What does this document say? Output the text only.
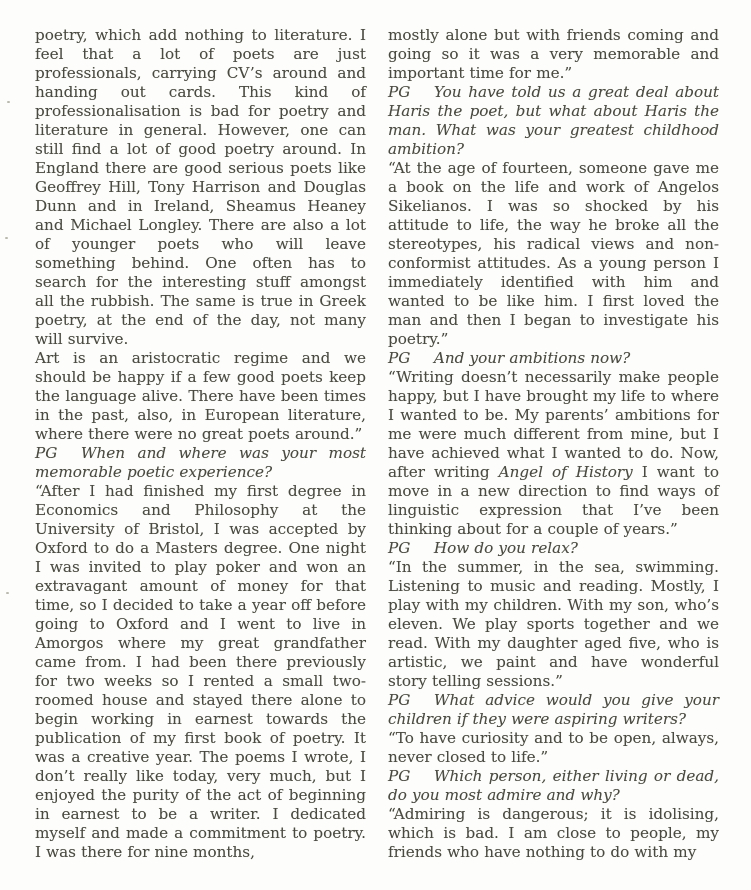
poetry, which add nothing to literature. I feel that a lot of poets are just professionals, carrying CV’s around and handing out cards. This kind of professionalisation is bad for poetry and literature in general. However, one can still find a lot of good poetry around. In England there are good serious poets like Geoffrey Hill, Tony Harrison and Douglas Dunn and in Ireland, Sheamus Heaney and Michael Longley. There are also a lot of younger poets who will leave something behind. One often has to search for the interesting stuff amongst all the rubbish. The same is true in Greek poetry, at the end of the day, not many will survive.

Art is an aristocratic regime and we should be happy if a few good poets keep the language alive. There have been times in the past, also, in European literature, where there were no great poets around.”

PG When and where was your most memorable poetic experience?

“After I had finished my first degree in Economics and Philosophy at the University of Bristol, I was accepted by Oxford to do a Masters degree. One night I was invited to play poker and won an extravagant amount of money for that time, so I decided to take a year off before going to Oxford and I went to live in Amorgos where my great grandfather came from. I had been there previously for two weeks so I rented a small two-roomed house and stayed there alone to begin working in earnest towards the publication of my first book of poetry. It was a creative year. The poems I wrote, I don’t really like today, very much, but I enjoyed the purity of the act of beginning in earnest to be a writer. I dedicated myself and made a commitment to poetry. I was there for nine months,

mostly alone but with friends coming and going so it was a very memorable and important time for me.”

PG You have told us a great deal about Haris the poet, but what about Haris the man. What was your greatest childhood ambition?

“At the age of fourteen, someone gave me a book on the life and work of Angelos Sikelianos. I was so shocked by his attitude to life, the way he broke all the stereotypes, his radical views and non-conformist attitudes. As a young person I immediately identified with him and wanted to be like him. I first loved the man and then I began to investigate his poetry.”

PG And your ambitions now?

“Writing doesn’t necessarily make people happy, but I have brought my life to where I wanted to be. My parents’ ambitions for me were much different from mine, but I have achieved what I wanted to do. Now, after writing Angel of History I want to move in a new direction to find ways of linguistic expression that I’ve been thinking about for a couple of years.”

PG How do you relax?

“In the summer, in the sea, swimming. Listening to music and reading. Mostly, I play with my children. With my son, who’s eleven. We play sports together and we read. With my daughter aged five, who is artistic, we paint and have wonderful story telling sessions.”

PG What advice would you give your children if they were aspiring writers?

“To have curiosity and to be open, always, never closed to life.”

PG Which person, either living or dead, do you most admire and why?

“Admiring is dangerous; it is idolising, which is bad. I am close to people, my friends who have nothing to do with my
